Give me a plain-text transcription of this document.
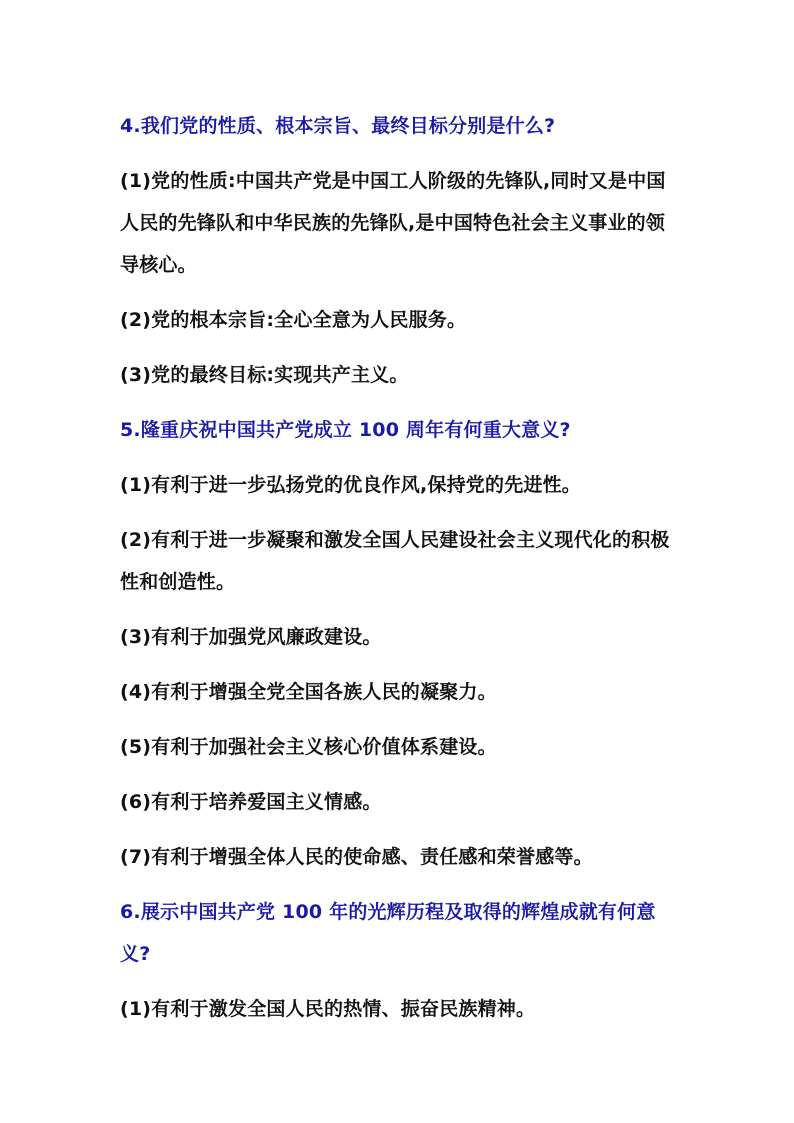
4.我们党的性质、根本宗旨、最终目标分别是什么?

(1)党的性质:中国共产党是中国工人阶级的先锋队,同时又是中国人民的先锋队和中华民族的先锋队,是中国特色社会主义事业的领导核心。

(2)党的根本宗旨:全心全意为人民服务。

(3)党的最终目标:实现共产主义。

5.隆重庆祝中国共产党成立 100 周年有何重大意义?

(1)有利于进一步弘扬党的优良作风,保持党的先进性。

(2)有利于进一步凝聚和激发全国人民建设社会主义现代化的积极性和创造性。

(3)有利于加强党风廉政建设。

(4)有利于增强全党全国各族人民的凝聚力。

(5)有利于加强社会主义核心价值体系建设。

(6)有利于培养爱国主义情感。

(7)有利于增强全体人民的使命感、责任感和荣誉感等。

6.展示中国共产党 100 年的光辉历程及取得的辉煌成就有何意义?

(1)有利于激发全国人民的热情、振奋民族精神。
